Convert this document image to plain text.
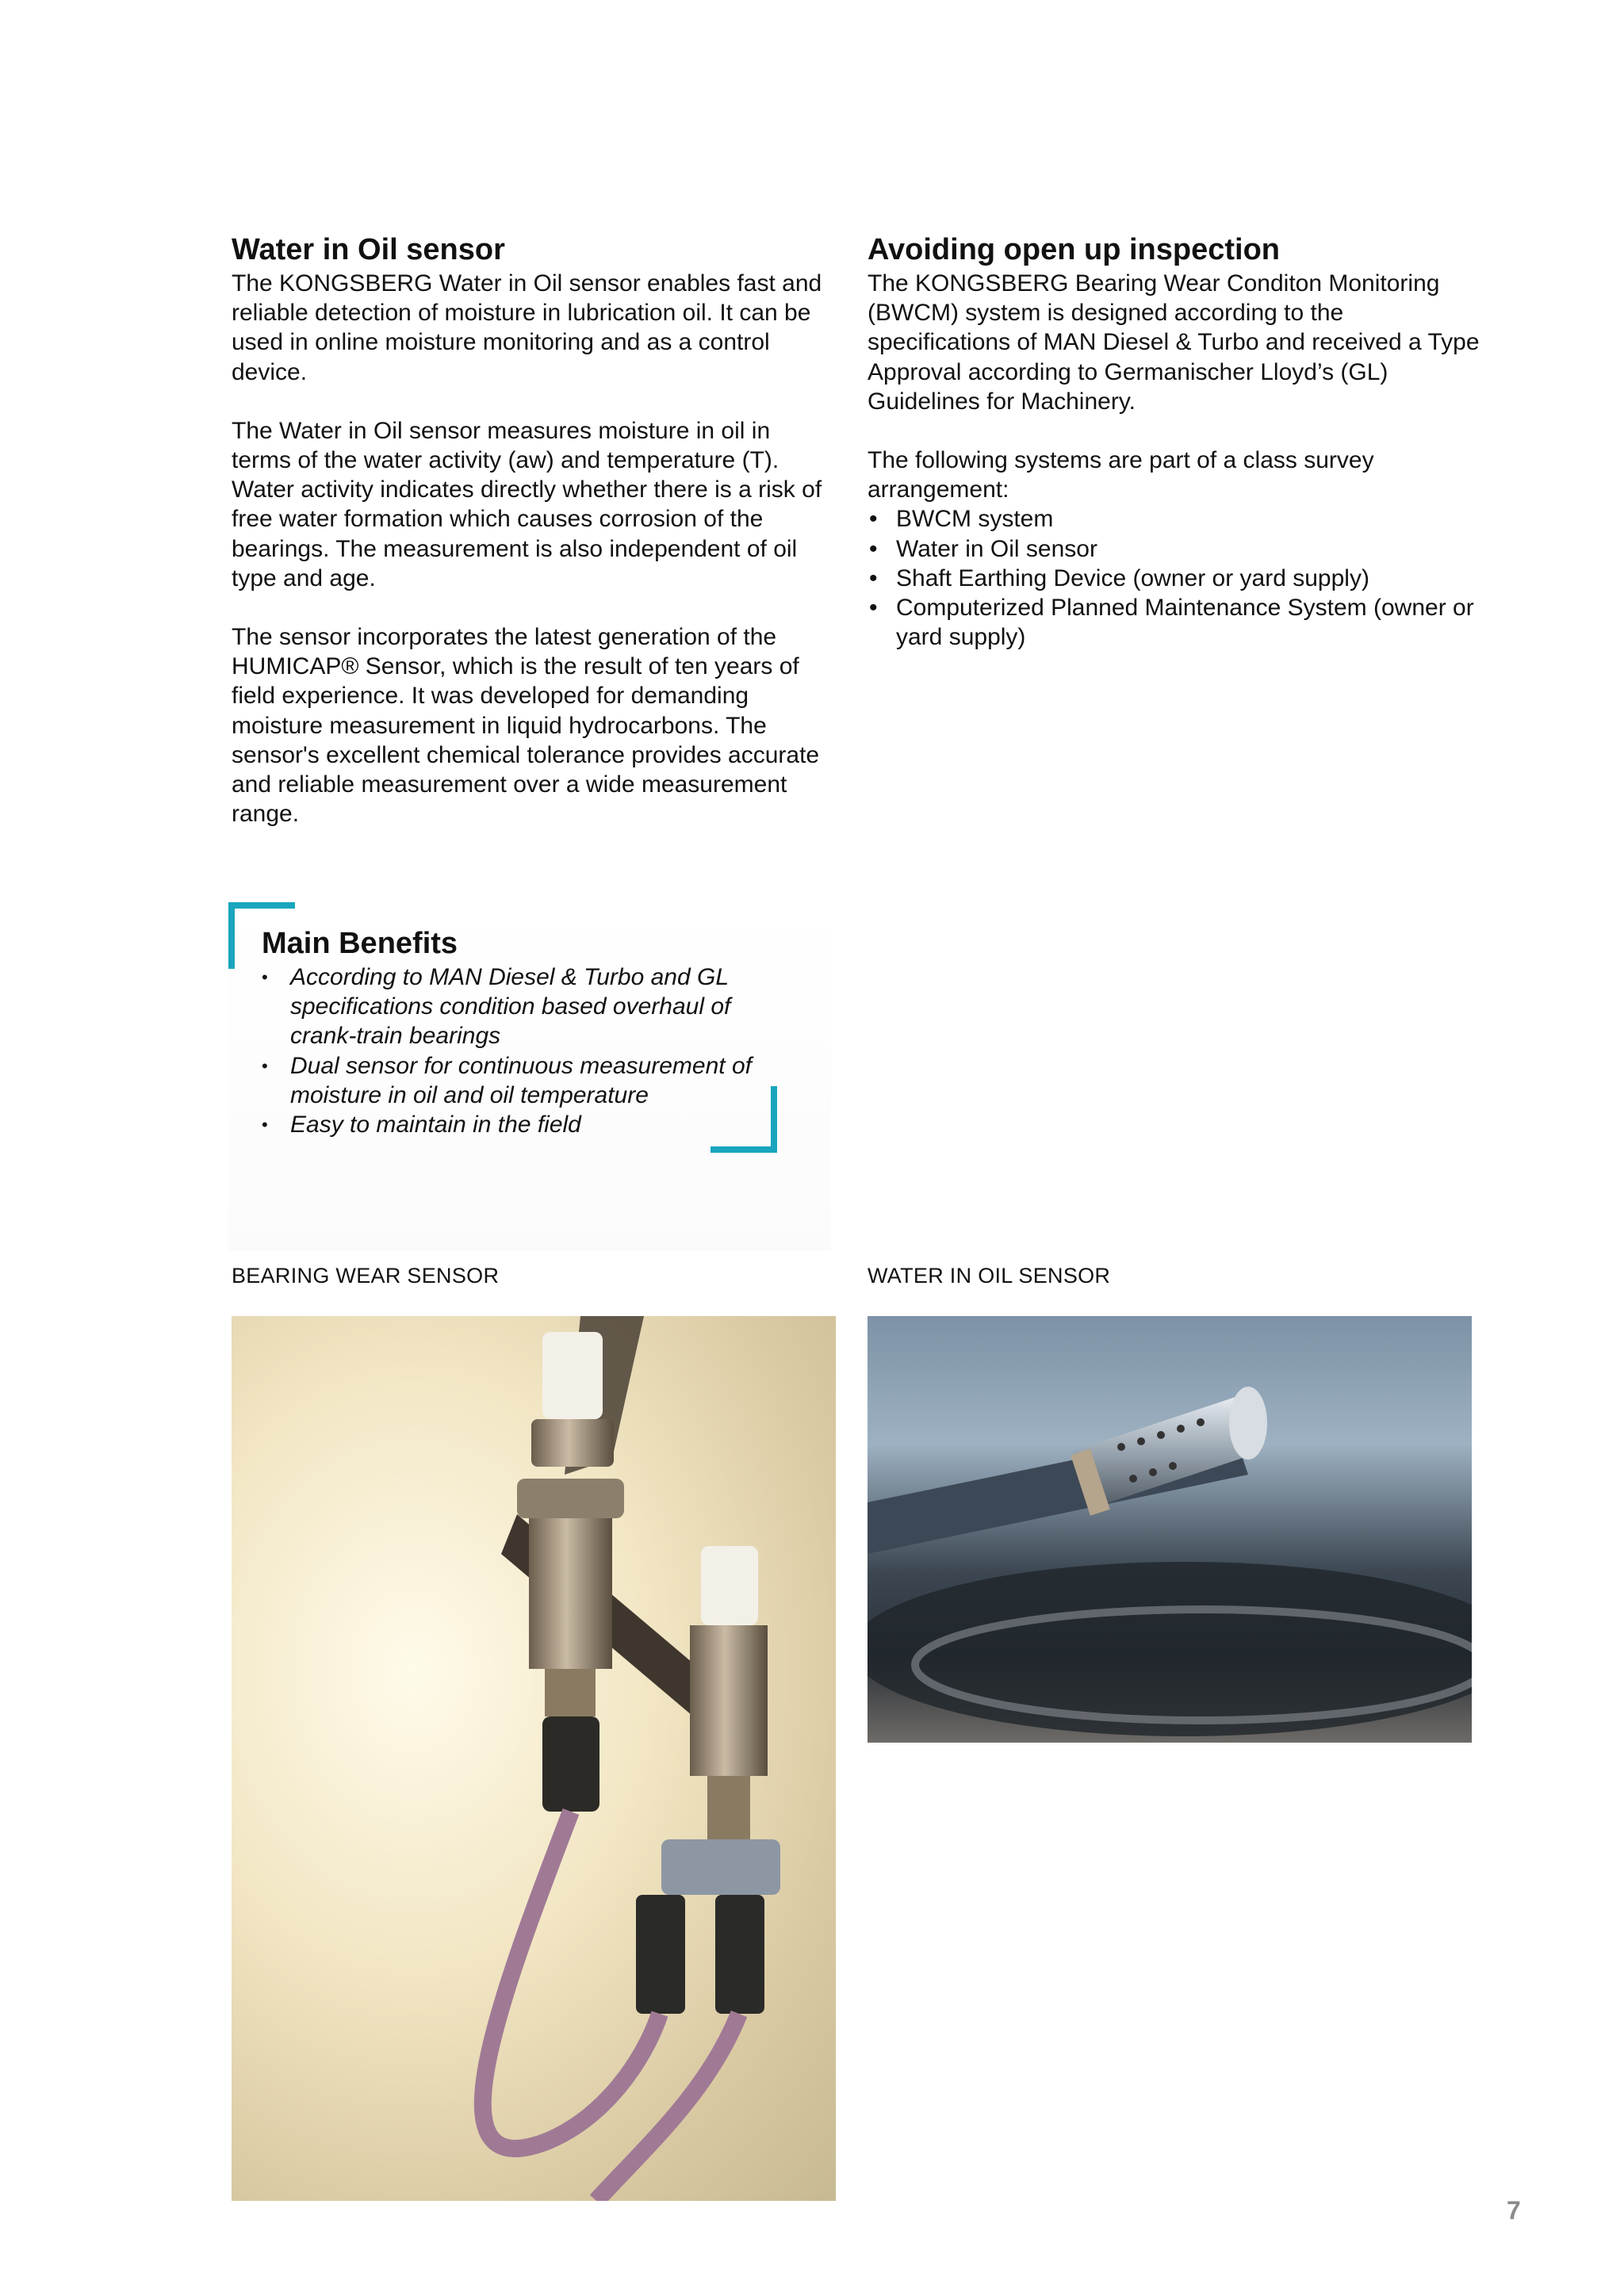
Water in Oil sensor

The KONGSBERG Water in Oil sensor enables fast and reliable detection of moisture in lubrication oil. It can be used in online moisture monitoring and as a control device.

The Water in Oil sensor measures moisture in oil in terms of the water activity (aw) and temperature (T). Water activity indicates directly whether there is a risk of free water formation which causes corrosion of the bearings. The measurement is also independent of oil type and age.

The sensor incorporates the latest generation of the HUMICAP® Sensor, which is the result of ten years of field experience. It was developed for demanding moisture measurement in liquid hydrocarbons. The sensor's excellent chemical tolerance provides accurate and reliable measurement over a wide measurement range.

Avoiding open up inspection

The KONGSBERG Bearing Wear Conditon Monitoring (BWCM) system is designed according to the specifications of MAN Diesel & Turbo and received a Type Approval according to Germanischer Lloyd’s (GL) Guidelines for Machinery.

The following systems are part of a class survey arrangement:

• BWCM system
• Water in Oil sensor
• Shaft Earthing Device (owner or yard supply)
• Computerized Planned Maintenance System (owner or yard supply)
Main Benefits
• According to MAN Diesel & Turbo and GL specifications condition based overhaul of crank-train bearings
• Dual sensor for continuous measurement of moisture in oil and oil temperature
• Easy to maintain in the field
BEARING WEAR SENSOR	WATER IN OIL SENSOR
7
